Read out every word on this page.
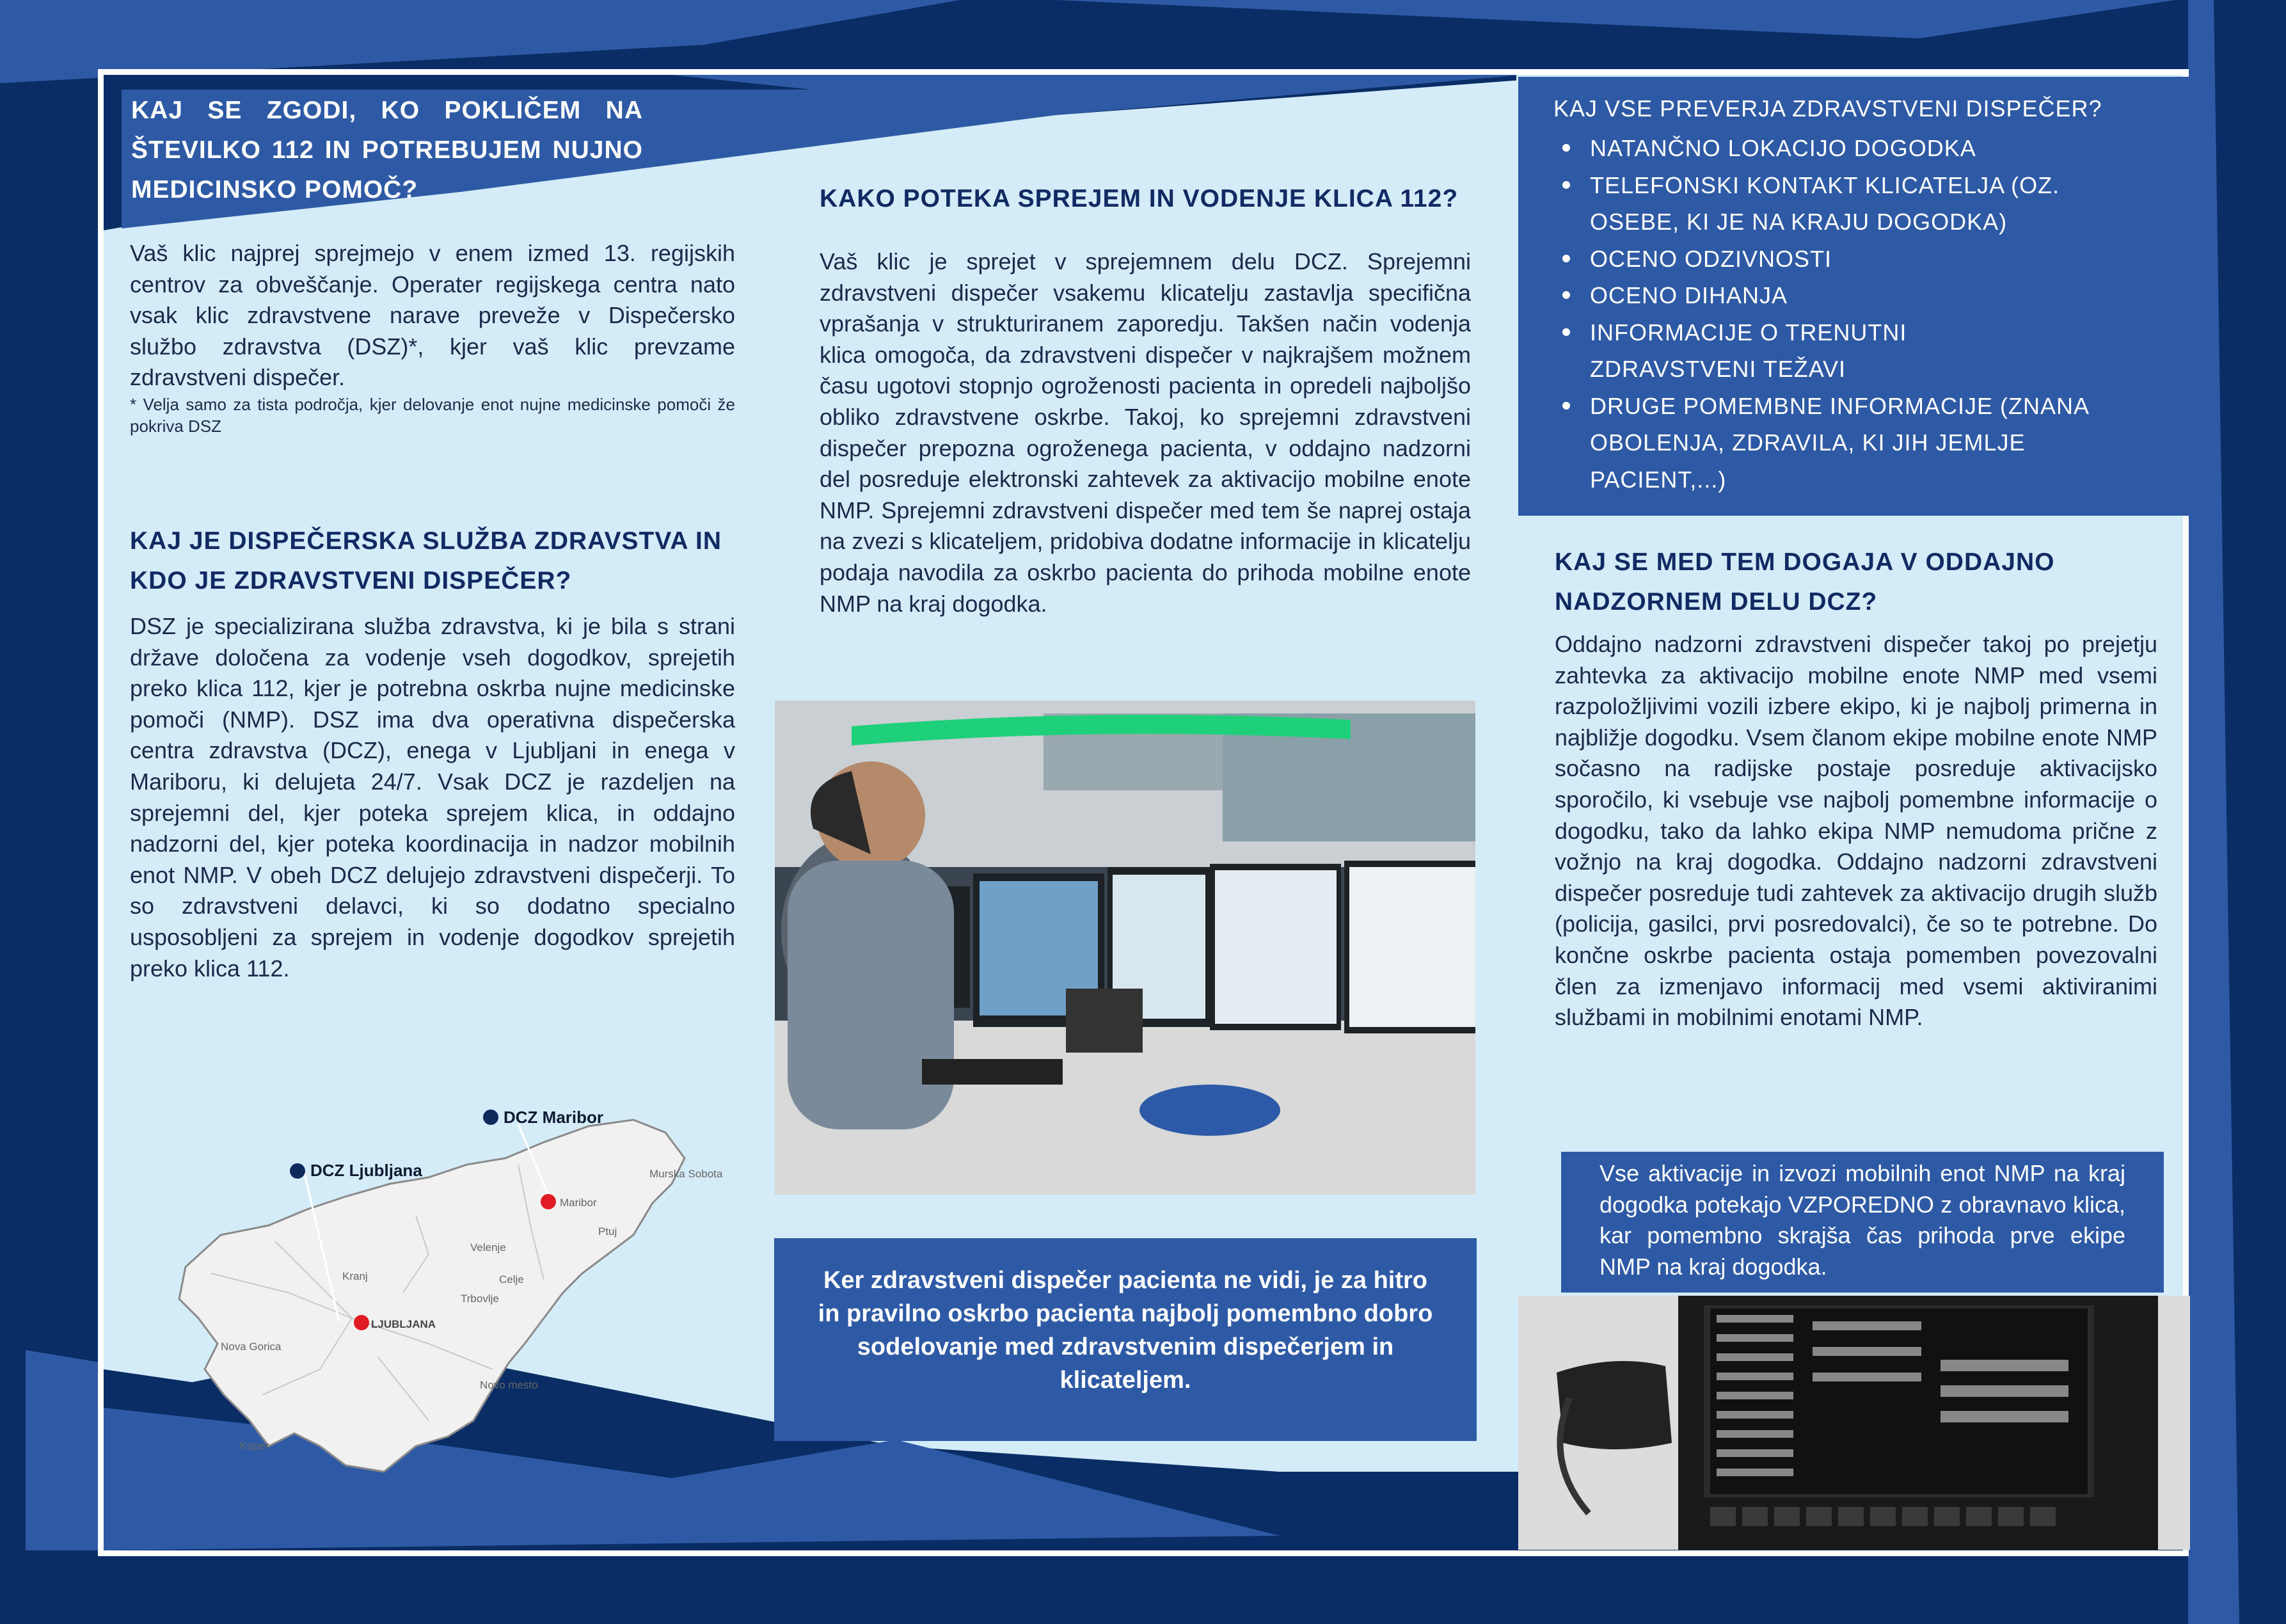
KAJ SE ZGODI, KO POKLIČEM NA ŠTEVILKO 112 IN POTREBUJEM NUJNO MEDICINSKO POMOČ?

Vaš klic najprej sprejmejo v enem izmed 13. regijskih centrov za obveščanje. Operater regijskega centra nato vsak klic zdravstvene narave preveže v Dispečersko službo zdravstva (DSZ)*, kjer vaš klic prevzame zdravstveni dispečer.

* Velja samo za tista področja, kjer delovanje enot nujne medicinske pomoči že pokriva DSZ

KAJ JE DISPEČERSKA SLUŽBA ZDRAVSTVA IN KDO JE ZDRAVSTVENI DISPEČER?

DSZ je specializirana služba zdravstva, ki je bila s strani države določena za vodenje vseh dogodkov, sprejetih preko klica 112, kjer je potrebna oskrba nujne medicinske pomoči (NMP). DSZ ima dva operativna dispečerska centra zdravstva (DCZ), enega v Ljubljani in enega v Mariboru, ki delujeta 24/7. Vsak DCZ je razdeljen na sprejemni del, kjer poteka sprejem klica, in oddajno nadzorni del, kjer poteka koordinacija in nadzor mobilnih enot NMP. V obeh DCZ delujejo zdravstveni dispečerji. To so zdravstveni delavci, ki so dodatno specialno usposobljeni za sprejem in vodenje dogodkov sprejetih preko klica 112.

DCZ Ljubljana
DCZ Maribor
Maribor
Murska Sobota
Ptuj
Velenje
Celje
Kranj
Trbovlje
LJUBLJANA
Nova Gorica
Novo mesto
Koper
KAKO POTEKA SPREJEM IN VODENJE KLICA 112?

Vaš klic je sprejet v sprejemnem delu DCZ. Sprejemni zdravstveni dispečer vsakemu klicatelju zastavlja specifična vprašanja v strukturiranem zaporedju. Takšen način vodenja klica omogoča, da zdravstveni dispečer v najkrajšem možnem času ugotovi stopnjo ogroženosti pacienta in opredeli najboljšo obliko zdravstvene oskrbe. Takoj, ko sprejemni zdravstveni dispečer prepozna ogroženega pacienta, v oddajno nadzorni del posreduje elektronski zahtevek za aktivacijo mobilne enote NMP. Sprejemni zdravstveni dispečer med tem še naprej ostaja na zvezi s klicateljem, pridobiva dodatne informacije in klicatelju podaja navodila za oskrbo pacienta do prihoda mobilne enote NMP na kraj dogodka.

Ker zdravstveni dispečer pacienta ne vidi, je za hitro in pravilno oskrbo pacienta najbolj pomembno dobro sodelovanje med zdravstvenim dispečerjem in klicateljem.

KAJ VSE PREVERJA ZDRAVSTVENI DISPEČER?

NATANČNO LOKACIJO DOGODKA
TELEFONSKI KONTAKT KLICATELJA (OZ. OSEBE, KI JE NA KRAJU DOGODKA)
OCENO ODZIVNOSTI
OCENO DIHANJA
INFORMACIJE O TRENUTNI ZDRAVSTVENI TEŽAVI
DRUGE POMEMBNE INFORMACIJE (ZNANA OBOLENJA, ZDRAVILA, KI JIH JEMLJE PACIENT,...)
KAJ SE MED TEM DOGAJA V ODDAJNO NADZORNEM DELU DCZ?

Oddajno nadzorni zdravstveni dispečer takoj po prejetju zahtevka za aktivacijo mobilne enote NMP med vsemi razpoložljivimi vozili izbere ekipo, ki je najbolj primerna in najbližje dogodku. Vsem članom ekipe mobilne enote NMP sočasno na radijske postaje posreduje aktivacijsko sporočilo, ki vsebuje vse najbolj pomembne informacije o dogodku, tako da lahko ekipa NMP nemudoma prične z vožnjo na kraj dogodka. Oddajno nadzorni zdravstveni dispečer posreduje tudi zahtevek za aktivacijo drugih služb (policija, gasilci, prvi posredovalci), če so te potrebne. Do končne oskrbe pacienta ostaja pomemben povezovalni člen za izmenjavo informacij med vsemi aktiviranimi službami in mobilnimi enotami NMP.

Vse aktivacije in izvozi mobilnih enot NMP na kraj dogodka potekajo VZPOREDNO z obravnavo klica, kar pomembno skrajša čas prihoda prve ekipe NMP na kraj dogodka.
